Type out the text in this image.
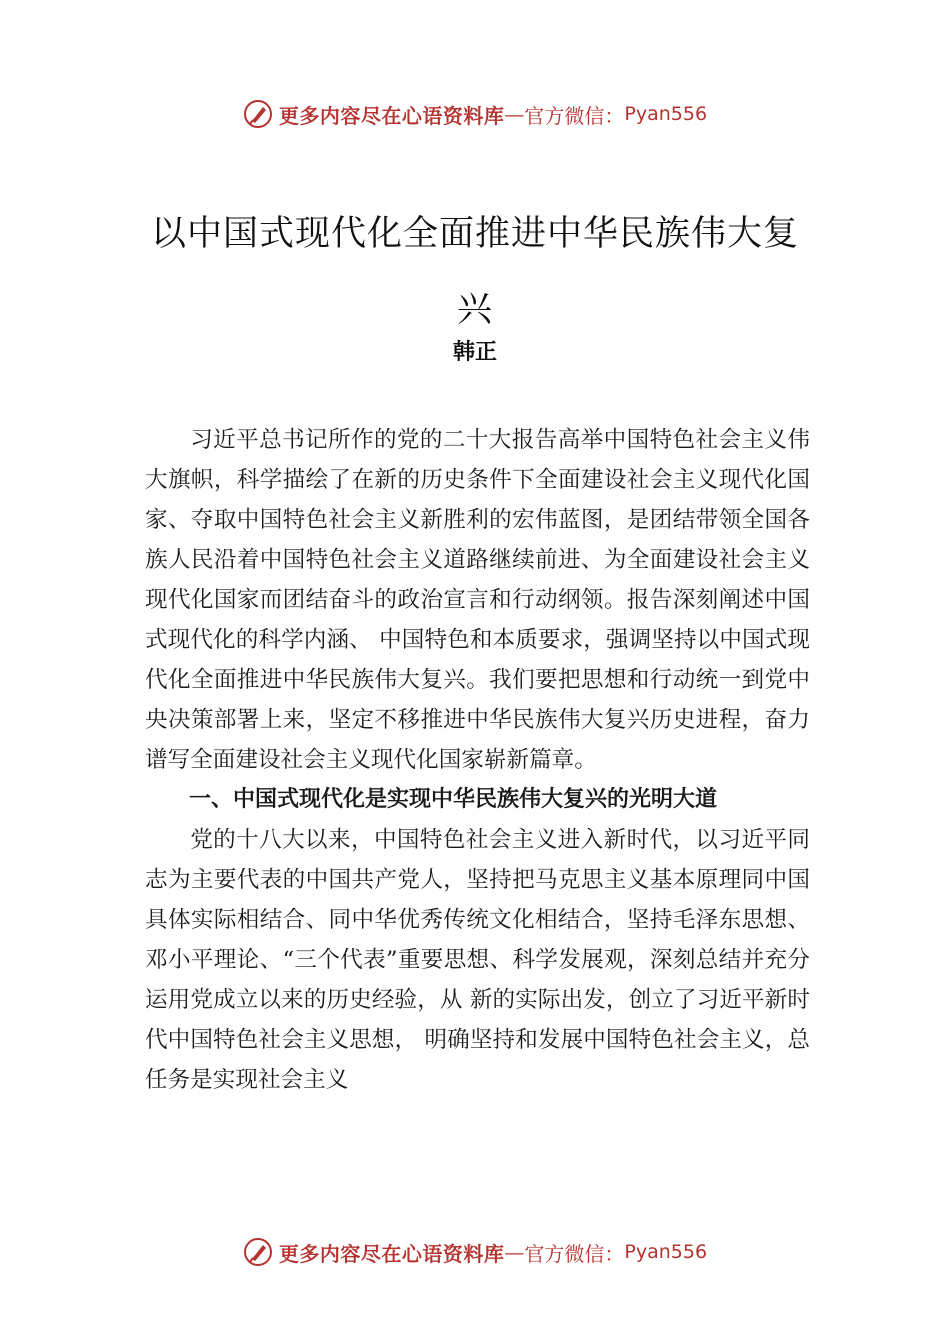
更多内容尽在心语资料库 — 官方微信： Pyan556
以中国式现代化全面推进中华民族伟大复兴
韩正

习近平总书记所作的党的二十大报告高举中国特色社会主义伟大旗帜，科学描绘了在新的历史条件下全面建设社会主义现代化国家、夺取中国特色社会主义新胜利的宏伟蓝图，是团结带领全国各族人民沿着中国特色社会主义道路继续前进、为全面建设社会主义现代化国家而团结奋斗的政治宣言和行动纲领。报告深刻阐述中国式现代化的科学内涵、 中国特色和本质要求，强调坚持以中国式现代化全面推进中华民族伟大复兴。我们要把思想和行动统一到党中央决策部署上来，坚定不移推进中华民族伟大复兴历史进程，奋力谱写全面建设社会主义现代化国家崭新篇章。

一、中国式现代化是实现中华民族伟大复兴的光明大道

党的十八大以来，中国特色社会主义进入新时代，以习近平同志为主要代表的中国共产党人，坚持把马克思主义基本原理同中国具体实际相结合、同中华优秀传统文化相结合，坚持毛泽东思想、邓小平理论、“三个代表”重要思想、科学发展观，深刻总结并充分运用党成立以来的历史经验，从 新的实际出发，创立了习近平新时代中国特色社会主义思想， 明确坚持和发展中国特色社会主义，总任务是实现社会主义

更多内容尽在心语资料库 — 官方微信： Pyan556
